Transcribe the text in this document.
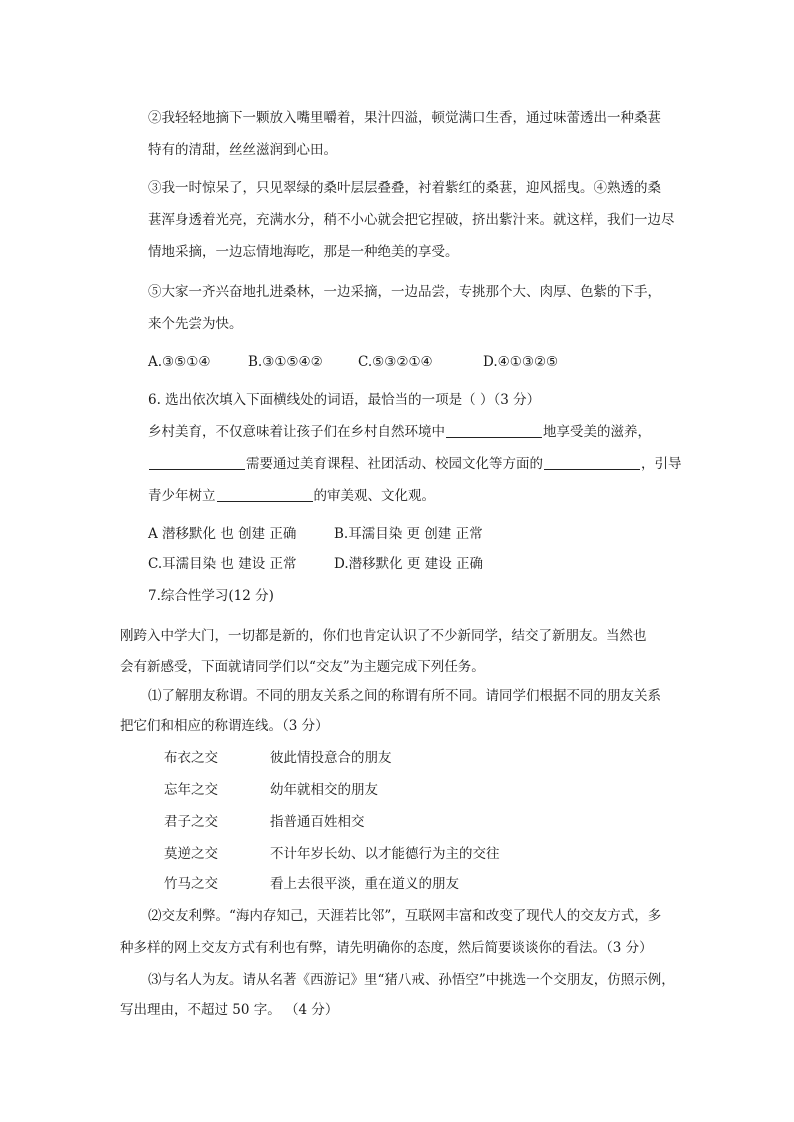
②我轻轻地摘下一颗放入嘴里嚼着，果汁四溢，顿觉满口生香，通过味蕾透出一种桑葚
特有的清甜，丝丝滋润到心田。
③我一时惊呆了，只见翠绿的桑叶层层叠叠，衬着紫红的桑葚，迎风摇曳。④熟透的桑
葚浑身透着光亮，充满水分，稍不小心就会把它捏破，挤出紫汁来。就这样，我们一边尽
情地采摘，一边忘情地海吃，那是一种绝美的享受。
⑤大家一齐兴奋地扎进桑林，一边采摘，一边品尝，专挑那个大、肉厚、色紫的下手，
来个先尝为快。
A.③⑤①④	B.③①⑤④②	C.⑤③②①④	D.④①③②⑤
6. 选出依次填入下面横线处的词语，最恰当的一项是（ ）（3 分）
乡村美育，不仅意味着让孩子们在乡村自然环境中	地享受美的滋养，
需要通过美育课程、社团活动、校园文化等方面的	，引导
青少年树立	的审美观、文化观。
A 潜移默化 也 创建 正确	B.耳濡目染 更 创建 正常
C.耳濡目染 也 建设 正常	D.潜移默化 更 建设 正确
7.综合性学习(12 分)
刚跨入中学大门，一切都是新的，你们也肯定认识了不少新同学，结交了新朋友。当然也
会有新感受，下面就请同学们以“交友”为主题完成下列任务。
⑴了解朋友称谓。不同的朋友关系之间的称谓有所不同。请同学们根据不同的朋友关系
把它们和相应的称谓连线。（3 分）
布衣之交	彼此情投意合的朋友
忘年之交	幼年就相交的朋友
君子之交	指普通百姓相交
莫逆之交	不计年岁长幼、以才能德行为主的交往
竹马之交	看上去很平淡，重在道义的朋友
⑵交友利弊。“海内存知己，天涯若比邻”，互联网丰富和改变了现代人的交友方式，多
种多样的网上交友方式有利也有弊，请先明确你的态度，然后简要谈谈你的看法。（3 分）
⑶与名人为友。请从名著《西游记》里“猪八戒、孙悟空”中挑选一个交朋友，仿照示例，
写出理由，不超过 50 字。 （4 分）
